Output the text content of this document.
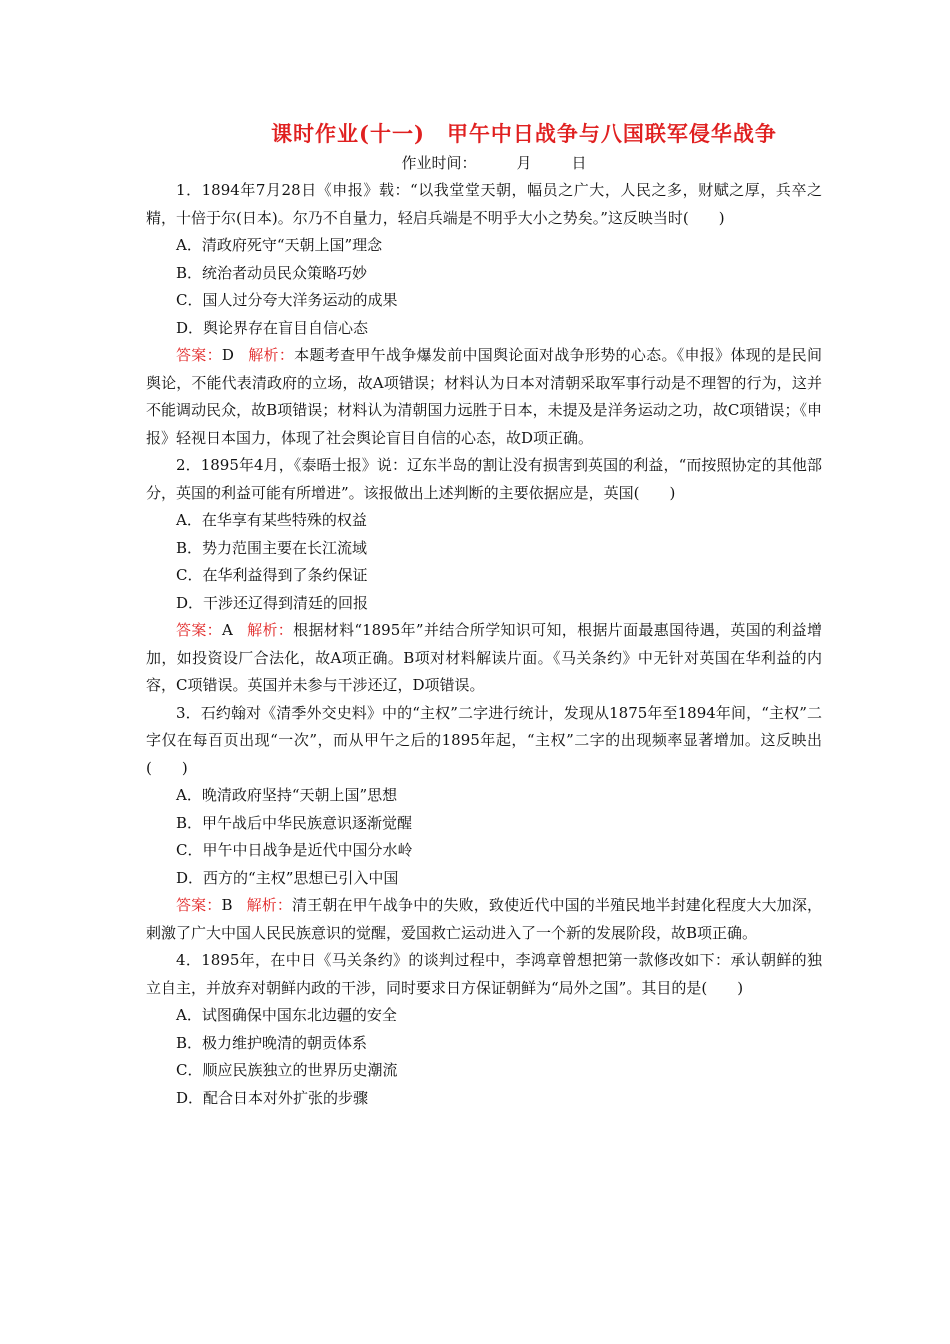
课时作业(十一) 甲午中日战争与八国联军侵华战争
作业时间：	月	日

1．1894年7月28日《申报》载：“以我堂堂天朝，幅员之广大，人民之多，财赋之厚，兵卒之精，十倍于尔(日本)。尔乃不自量力，轻启兵端是不明乎大小之势矣。”这反映当时(　　)

A．清政府死守“天朝上国”理念
B．统治者动员民众策略巧妙
C．国人过分夸大洋务运动的成果
D．舆论界存在盲目自信心态

答案：D 解析：本题考查甲午战争爆发前中国舆论面对战争形势的心态。《申报》体现的是民间舆论，不能代表清政府的立场，故A项错误；材料认为日本对清朝采取军事行动是不理智的行为，这并不能调动民众，故B项错误；材料认为清朝国力远胜于日本，未提及是洋务运动之功，故C项错误；《申报》轻视日本国力，体现了社会舆论盲目自信的心态，故D项正确。

2．1895年4月，《泰晤士报》说：辽东半岛的割让没有损害到英国的利益，“而按照协定的其他部分，英国的利益可能有所增进”。该报做出上述判断的主要依据应是，英国(　　)

A．在华享有某些特殊的权益
B．势力范围主要在长江流域
C．在华利益得到了条约保证
D．干涉还辽得到清廷的回报

答案：A 解析：根据材料“1895年”并结合所学知识可知，根据片面最惠国待遇，英国的利益增加，如投资设厂合法化，故A项正确。B项对材料解读片面。《马关条约》中无针对英国在华利益的内容，C项错误。英国并未参与干涉还辽，D项错误。

3．石约翰对《清季外交史料》中的“主权”二字进行统计，发现从1875年至1894年间，“主权”二字仅在每百页出现“一次”，而从甲午之后的1895年起，“主权”二字的出现频率显著增加。这反映出(　　)

A．晚清政府坚持“天朝上国”思想
B．甲午战后中华民族意识逐渐觉醒
C．甲午中日战争是近代中国分水岭
D．西方的“主权”思想已引入中国

答案：B 解析：清王朝在甲午战争中的失败，致使近代中国的半殖民地半封建化程度大大加深，刺激了广大中国人民民族意识的觉醒，爱国救亡运动进入了一个新的发展阶段，故B项正确。

4．1895年，在中日《马关条约》的谈判过程中，李鸿章曾想把第一款修改如下：承认朝鲜的独立自主，并放弃对朝鲜内政的干涉，同时要求日方保证朝鲜为“局外之国”。其目的是(　　)

A．试图确保中国东北边疆的安全
B．极力维护晚清的朝贡体系
C．顺应民族独立的世界历史潮流
D．配合日本对外扩张的步骤
